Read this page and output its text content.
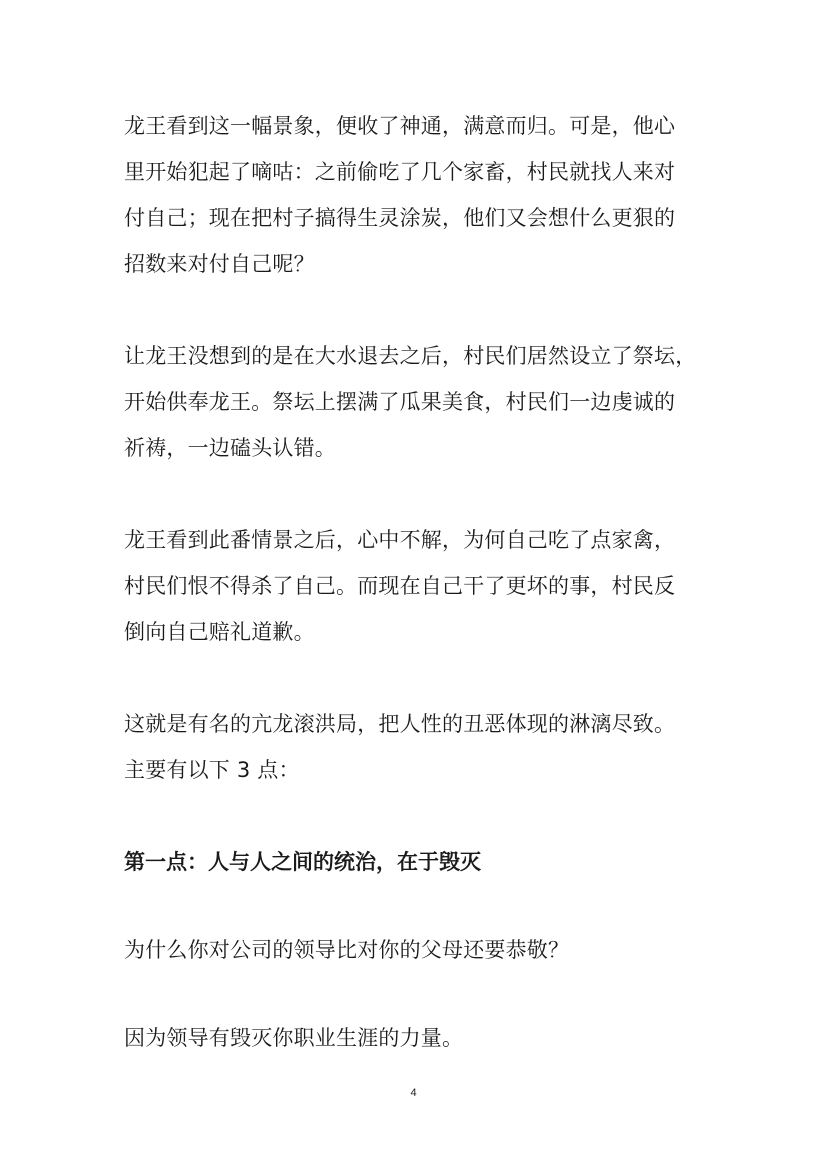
龙王看到这一幅景象，便收了神通，满意而归。可是，他心
里开始犯起了嘀咕：之前偷吃了几个家畜，村民就找人来对
付自己；现在把村子搞得生灵涂炭，他们又会想什么更狠的
招数来对付自己呢？

让龙王没想到的是在大水退去之后，村民们居然设立了祭坛，
开始供奉龙王。祭坛上摆满了瓜果美食，村民们一边虔诚的
祈祷，一边磕头认错。

龙王看到此番情景之后，心中不解，为何自己吃了点家禽，
村民们恨不得杀了自己。而现在自己干了更坏的事，村民反
倒向自己赔礼道歉。

这就是有名的亢龙滚洪局，把人性的丑恶体现的淋漓尽致。
主要有以下 3 点：

第一点：人与人之间的统治，在于毁灭

为什么你对公司的领导比对你的父母还要恭敬？

因为领导有毁灭你职业生涯的力量。

4
